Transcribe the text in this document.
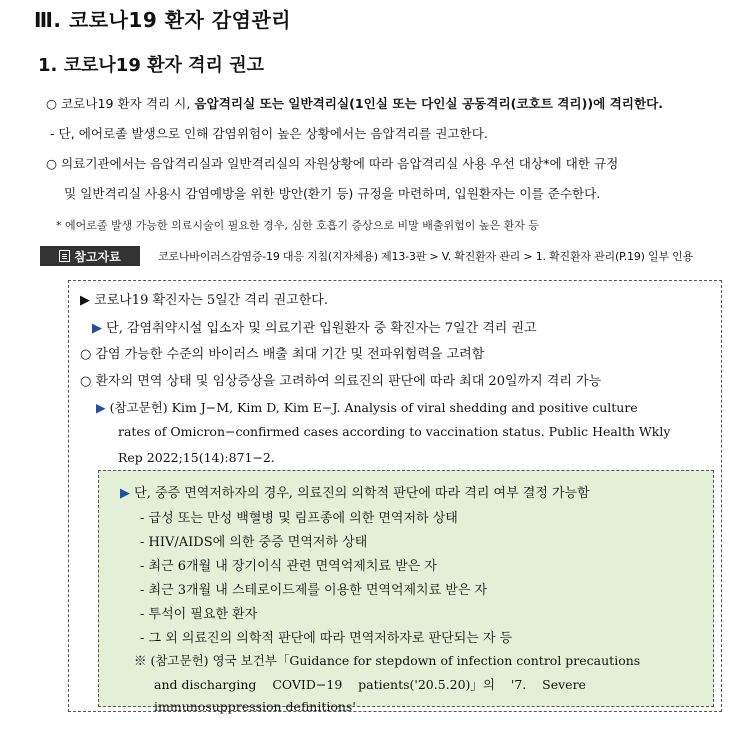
Ⅲ. 코로나19 환자 감염관리
1. 코로나19 환자 격리 권고
○ 코로나19 환자 격리 시, 음압격리실 또는 일반격리실(1인실 또는 다인실 공동격리(코호트 격리))에 격리한다.
- 단, 에어로졸 발생으로 인해 감염위험이 높은 상황에서는 음압격리를 권고한다.
○ 의료기관에서는 음압격리실과 일반격리실의 자원상황에 따라 음압격리실 사용 우선 대상*에 대한 규정
및 일반격리실 사용시 감염예방을 위한 방안(환기 등) 규정을 마련하며, 입원환자는 이를 준수한다.
* 에어로졸 발생 가능한 의료시술이 필요한 경우, 심한 호흡기 증상으로 비말 배출위험이 높은 환자 등
참고자료	코로나바이러스감염증-19 대응 지침(지자체용) 제13-3판 > V. 확진환자 관리 > 1. 확진환자 관리(P.19) 일부 인용
▶ 코로나19 확진자는 5일간 격리 권고한다.
▶ 단, 감염취약시설 입소자 및 의료기관 입원환자 중 확진자는 7일간 격리 권고
○ 감염 가능한 수준의 바이러스 배출 최대 기간 및 전파위험력을 고려함
○ 환자의 면역 상태 및 임상증상을 고려하여 의료진의 판단에 따라 최대 20일까지 격리 가능
▶ (참고문헌) Kim J−M, Kim D, Kim E−J. Analysis of viral shedding and positive culture
rates of Omicron−confirmed cases according to vaccination status. Public Health Wkly
Rep 2022;15(14):871−2.
▶ 단, 중증 면역저하자의 경우, 의료진의 의학적 판단에 따라 격리 여부 결정 가능함
- 급성 또는 만성 백혈병 및 림프종에 의한 면역저하 상태
- HIV/AIDS에 의한 중증 면역저하 상태
- 최근 6개월 내 장기이식 관련 면역억제치료 받은 자
- 최근 3개월 내 스테로이드제를 이용한 면역억제치료 받은 자
- 투석이 필요한 환자
- 그 외 의료진의 의학적 판단에 따라 면역저하자로 판단되는 자 등
※ (참고문헌) 영국 보건부「Guidance for stepdown of infection control precautions
and discharging    COVID−19    patients('20.5.20)」의    '7.    Severe
immunosuppression definitions'
